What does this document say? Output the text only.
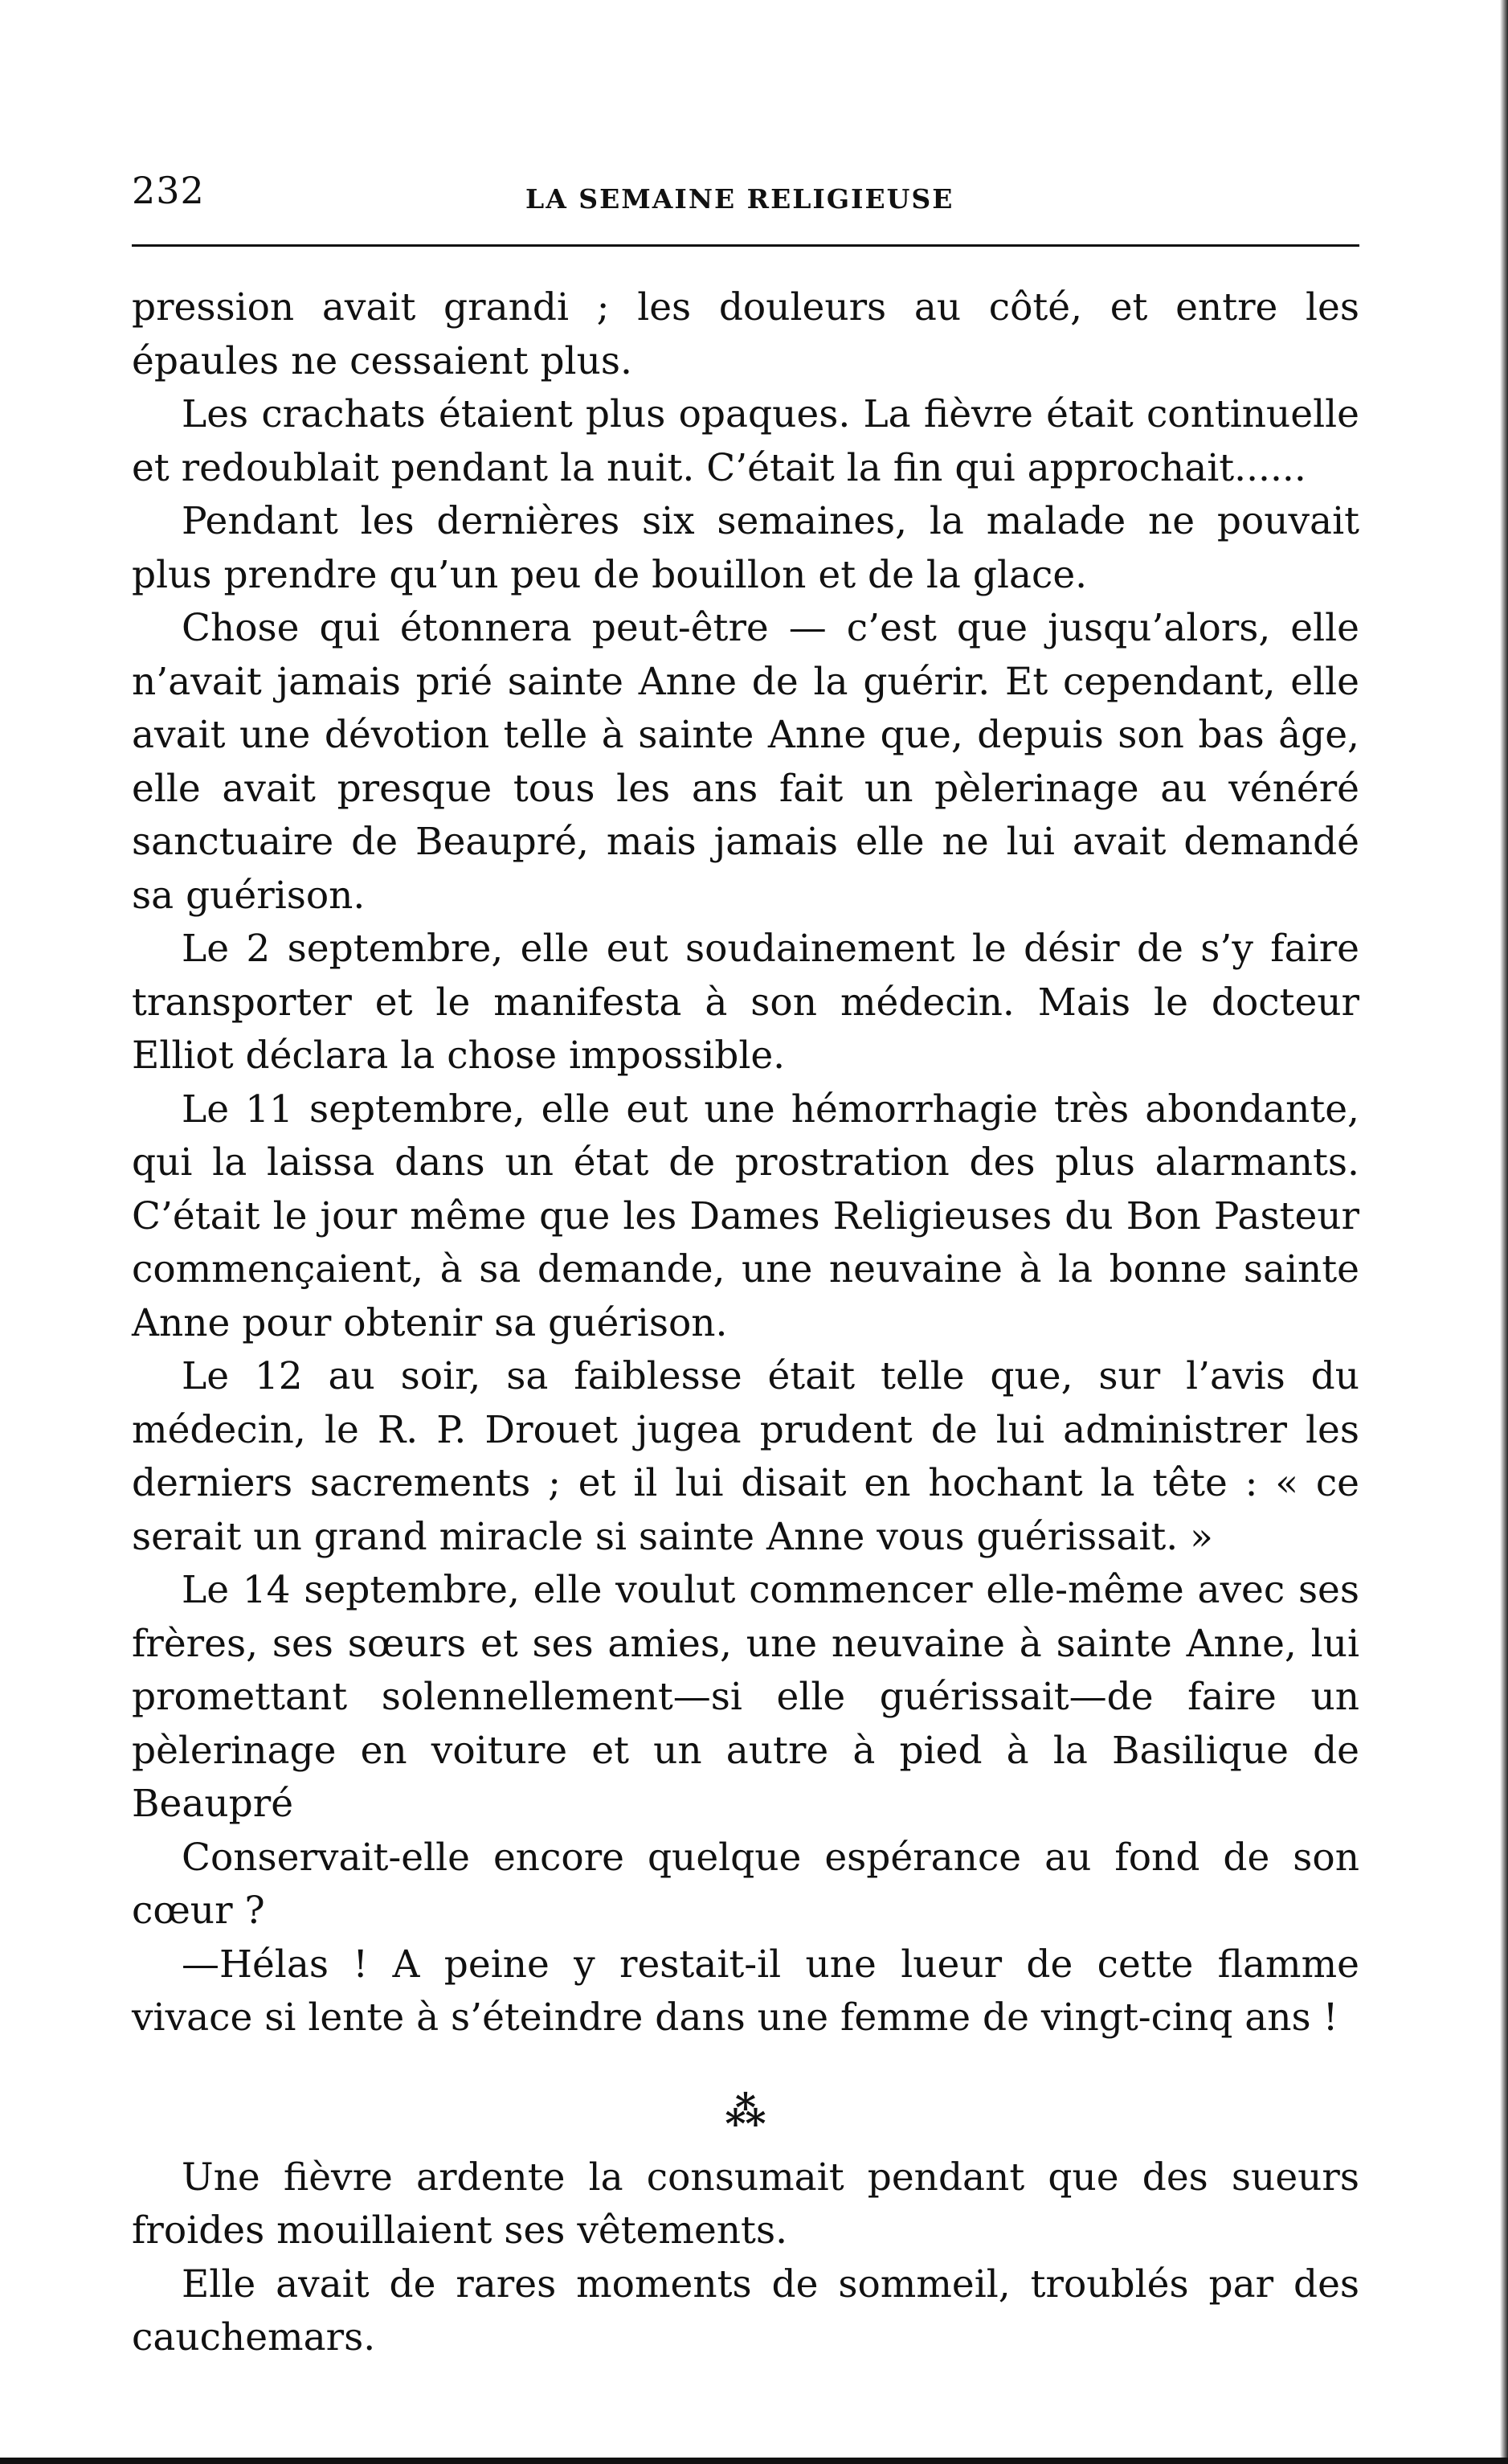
232	LA SEMAINE RELIGIEUSE

pression avait grandi ; les douleurs au côté, et entre les épaules ne cessaient plus.

Les crachats étaient plus opaques. La fièvre était continuelle et redoublait pendant la nuit. C’était la fin qui approchait......

Pendant les dernières six semaines, la malade ne pouvait plus prendre qu’un peu de bouillon et de la glace.

Chose qui étonnera peut-être — c’est que jusqu’alors, elle n’avait jamais prié sainte Anne de la guérir. Et cependant, elle avait une dévotion telle à sainte Anne que, depuis son bas âge, elle avait presque tous les ans fait un pèlerinage au vénéré sanctuaire de Beaupré, mais jamais elle ne lui avait demandé sa guérison.

Le 2 septembre, elle eut soudainement le désir de s’y faire transporter et le manifesta à son médecin. Mais le docteur Elliot déclara la chose impossible.

Le 11 septembre, elle eut une hémorrhagie très abondante, qui la laissa dans un état de prostration des plus alarmants. C’était le jour même que les Dames Religieuses du Bon Pasteur commençaient, à sa demande, une neuvaine à la bonne sainte Anne pour obtenir sa guérison.

Le 12 au soir, sa faiblesse était telle que, sur l’avis du médecin, le R. P. Drouet jugea prudent de lui administrer les derniers sacrements ; et il lui disait en hochant la tête : « ce serait un grand miracle si sainte Anne vous guérissait. »

Le 14 septembre, elle voulut commencer elle-même avec ses frères, ses sœurs et ses amies, une neuvaine à sainte Anne, lui promettant solennellement—si elle guérissait—de faire un pèlerinage en voiture et un autre à pied à la Basilique de Beaupré

Conservait-elle encore quelque espérance au fond de son cœur ?

—Hélas ! A peine y restait-il une lueur de cette flamme vivace si lente à s’éteindre dans une femme de vingt-cinq ans !

⁂

Une fièvre ardente la consumait pendant que des sueurs froides mouillaient ses vêtements.

Elle avait de rares moments de sommeil, troublés par des cauchemars.
